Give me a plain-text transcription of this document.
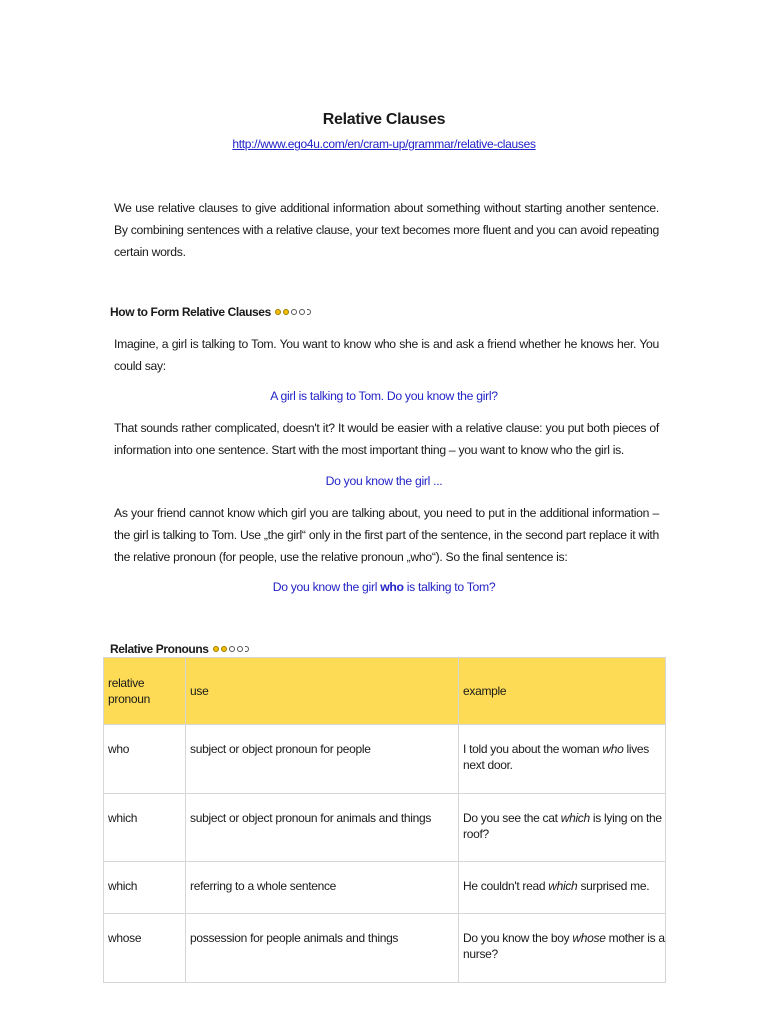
Relative Clauses
http://www.ego4u.com/en/cram-up/grammar/relative-clauses
We use relative clauses to give additional information about something without starting another sentence. By combining sentences with a relative clause, your text becomes more fluent and you can avoid repeating certain words.
How to Form Relative Clauses
Imagine, a girl is talking to Tom. You want to know who she is and ask a friend whether he knows her. You could say:
A girl is talking to Tom. Do you know the girl?
That sounds rather complicated, doesn't it? It would be easier with a relative clause: you put both pieces of information into one sentence. Start with the most important thing – you want to know who the girl is.
Do you know the girl ...
As your friend cannot know which girl you are talking about, you need to put in the additional information – the girl is talking to Tom. Use „the girl“ only in the first part of the sentence, in the second part replace it with the relative pronoun (for people, use the relative pronoun „who“). So the final sentence is:
Do you know the girl who is talking to Tom?
Relative Pronouns
relative pronoun	use	example
who	subject or object pronoun for people	I told you about the woman who lives next door.
which	subject or object pronoun for animals and things	Do you see the cat which is lying on the roof?
which	referring to a whole sentence	He couldn't read which surprised me.
whose	possession for people animals and things	Do you know the boy whose mother is a nurse?
